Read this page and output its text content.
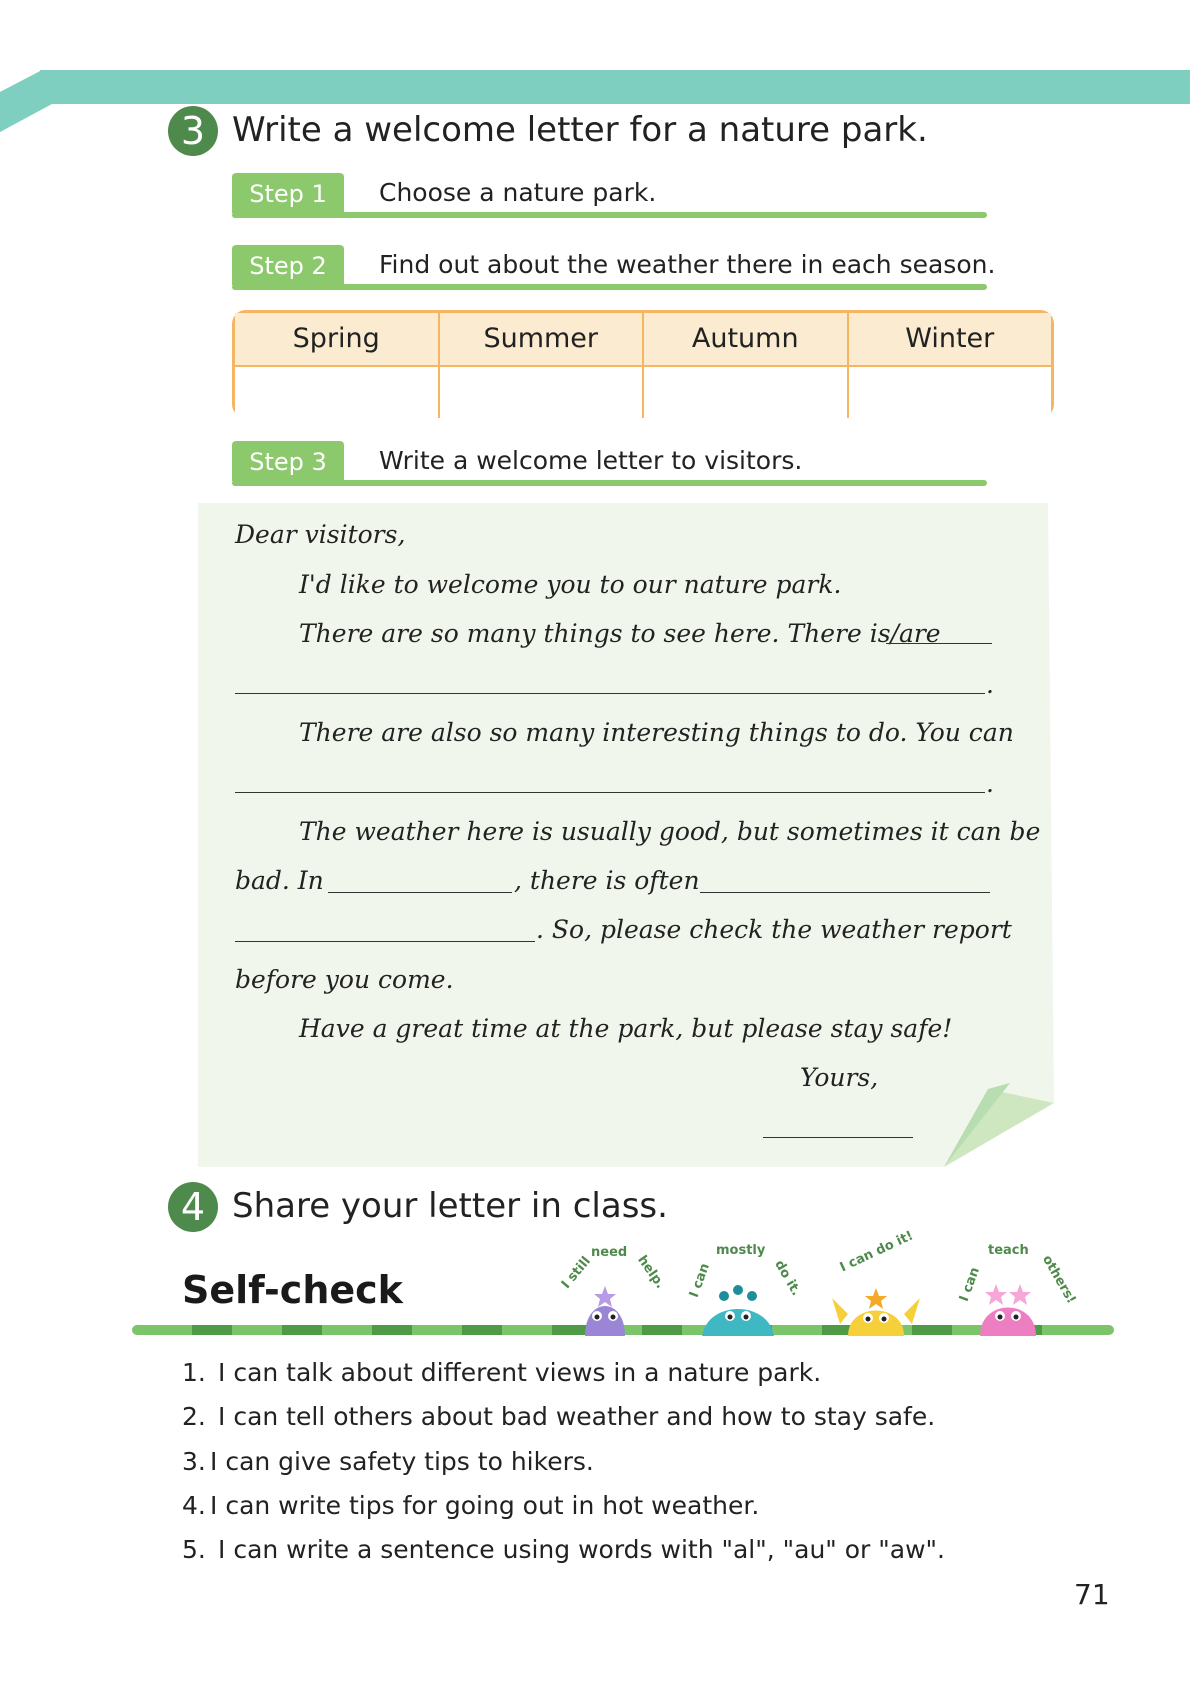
3 Write a welcome letter for a nature park.
Step 1	Choose a nature park.
Step 2	Find out about the weather there in each season.
Spring	Summer	Autumn	Winter
Step 3	Write a welcome letter to visitors.
Dear visitors,
I'd like to welcome you to our nature park.
There are so many things to see here. There is/are
.
There are also so many interesting things to do. You can
.
The weather here is usually good, but sometimes it can be
bad. In	, there is often
. So, please check the weather report
before you come.
Have a great time at the park, but please stay safe!
Yours,
4 Share your letter in class.
Self-check	I still
need
help. I can
mostly
do it.
I can do it!
I can
teach
others!
1. I can talk about different views in a nature park.
2. I can tell others about bad weather and how to stay safe.
3. I can give safety tips to hikers.
4. I can write tips for going out in hot weather.
5. I can write a sentence using words with "al", "au" or "aw".
71
